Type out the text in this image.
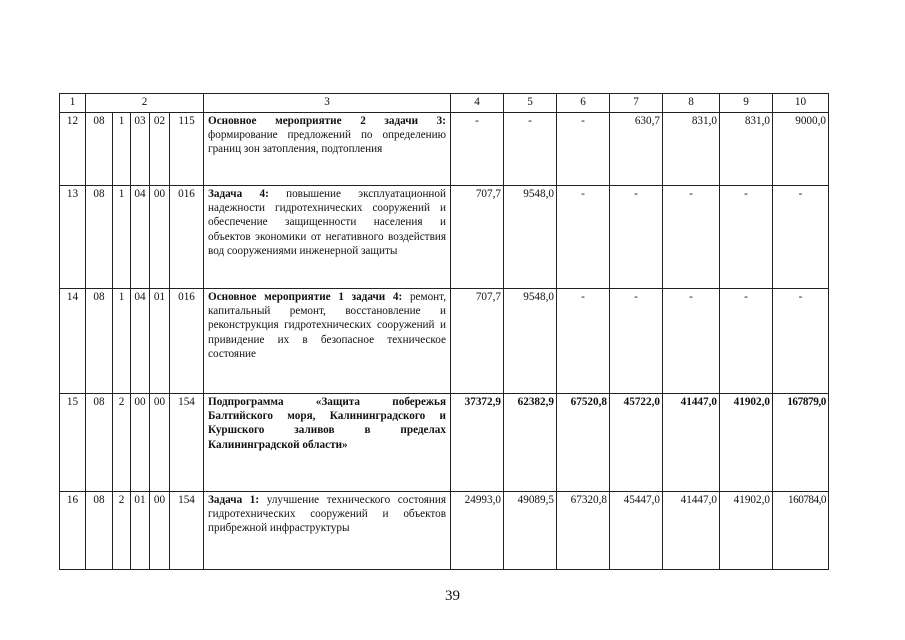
1	2					3	4	5	6	7	8	9	10
12	08	1	03	02	115	Основное мероприятие 2 задачи 3: формирование предложений по определению границ зон затопления, подтопления	-	-	-	630,7	831,0	831,0	9000,0
13	08	1	04	00	016	Задача 4: повышение эксплуатационной надежности гидротехнических сооружений и обеспечение защищенности населения и объектов экономики от негативного воздействия вод сооружениями инженерной защиты	707,7	9548,0	-	-	-	-	-
14	08	1	04	01	016	Основное мероприятие 1 задачи 4: ремонт, капитальный ремонт, восстановление и реконструкция гидротехнических сооружений и привидение их в безопасное техническое состояние	707,7	9548,0	-	-	-	-	-
15	08	2	00	00	154	Подпрограмма «Защита побережья Балтийского моря, Калининградского и Куршского заливов в пределах Калининградской области»	37372,9	62382,9	67520,8	45722,0	41447,0	41902,0	167879,0
16	08	2	01	00	154	Задача 1: улучшение технического состояния гидротехнических сооружений и объектов прибрежной инфраструктуры	24993,0	49089,5	67320,8	45447,0	41447,0	41902,0	160784,0
39
